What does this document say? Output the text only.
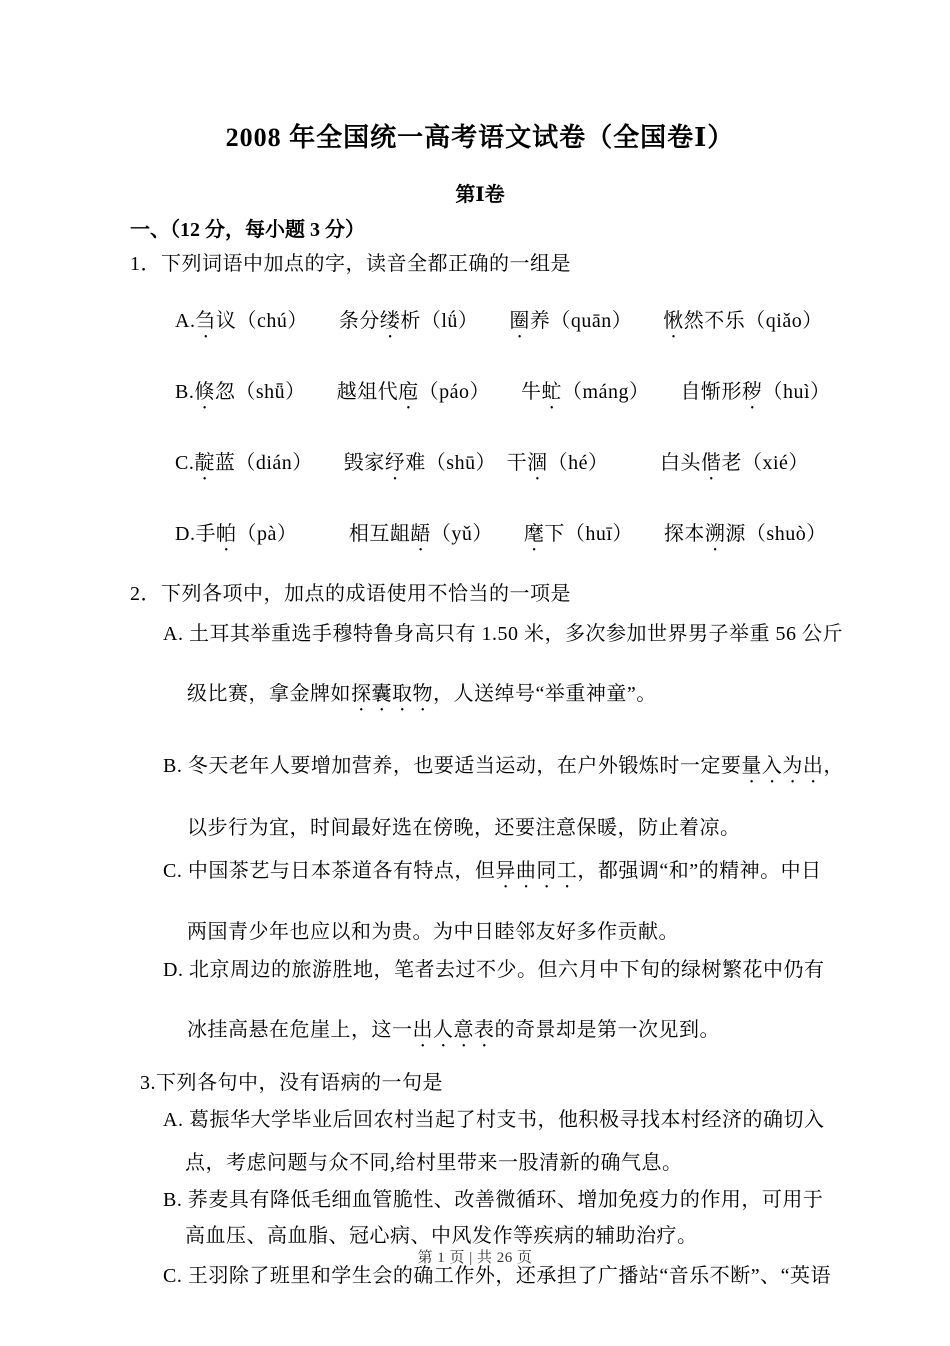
2008 年全国统一高考语文试卷（全国卷Ⅰ）
第Ⅰ卷
一、（12 分，每小题 3 分）
1．下列词语中加点的字，读音全都正确的一组是
A.刍议（chú）　　条分缕析（lǘ）　　圈养（quān）　　愀然不乐（qiǎo）
B.倏忽（shǖ）　　越俎代庖（páo）　　牛虻（máng）　　自惭形秽（huì）
C.靛蓝（dián）　　毁家纾难（shū）　干涸（hé）　　　白头偕老（xié）
D.手帕（pà）　　　相互龃龉（yǔ）　　麾下（huī）　　探本溯源（shuò）
2．下列各项中，加点的成语使用不恰当的一项是
A. 土耳其举重选手穆特鲁身高只有 1.50 米，多次参加世界男子举重 56 公斤
级比赛，拿金牌如探囊取物，人送绰号“举重神童”。
B. 冬天老年人要增加营养，也要适当运动，在户外锻炼时一定要量入为出，
以步行为宜，时间最好选在傍晚，还要注意保暖，防止着凉。
C. 中国茶艺与日本茶道各有特点，但异曲同工，都强调“和”的精神。中日
两国青少年也应以和为贵。为中日睦邻友好多作贡献。
D. 北京周边的旅游胜地，笔者去过不少。但六月中下旬的绿树繁花中仍有
冰挂高悬在危崖上，这一出人意表的奇景却是第一次见到。
3.下列各句中，没有语病的一句是
A. 葛振华大学毕业后回农村当起了村支书，他积极寻找本村经济的确切入
点，考虑问题与众不同,给村里带来一股清新的确气息。
B. 荞麦具有降低毛细血管脆性、改善微循环、增加免疫力的作用，可用于
高血压、高血脂、冠心病、中风发作等疾病的辅助治疗。
C. 王羽除了班里和学生会的确工作外，还承担了广播站“音乐不断”、“英语
第 1 页 | 共 26 页
